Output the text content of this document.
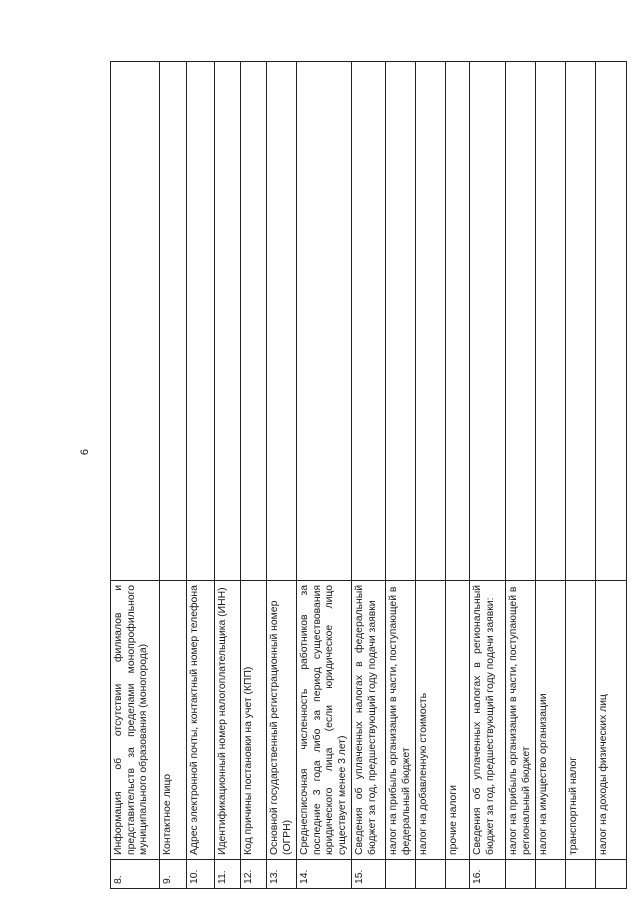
6
8.	Информация об отсутствии филиалов и представительств за пределами монопрофильного муниципального образования (моногорода)	
9.	Контактное лицо	
10.	Адрес электронной почты, контактный номер телефона	
11.	Идентификационный номер налогоплательщика (ИНН)	
12.	Код причины постановки на учет (КПП)	
13.	Основной государственный регистрационный номер (ОГРН)	
14.	Среднесписочная численность работников за последние 3 года либо за период существования юридического лица (если юридическое лицо существует менее 3 лет)	
15.	Сведения об уплаченных налогах в федеральный бюджет за год, предшествующий году подачи заявки	
	налог на прибыль организации в части, поступающей в федеральный бюджет	
	налог на добавленную стоимость	
	прочие налоги	
16.	Сведения об уплаченных налогах в региональный бюджет за год, предшествующий году подачи заявки:	
	налог на прибыль организации в части, поступающей в региональный бюджет	
	налог на имущество организации	
	транспортный налог	
	налог на доходы физических лиц	
